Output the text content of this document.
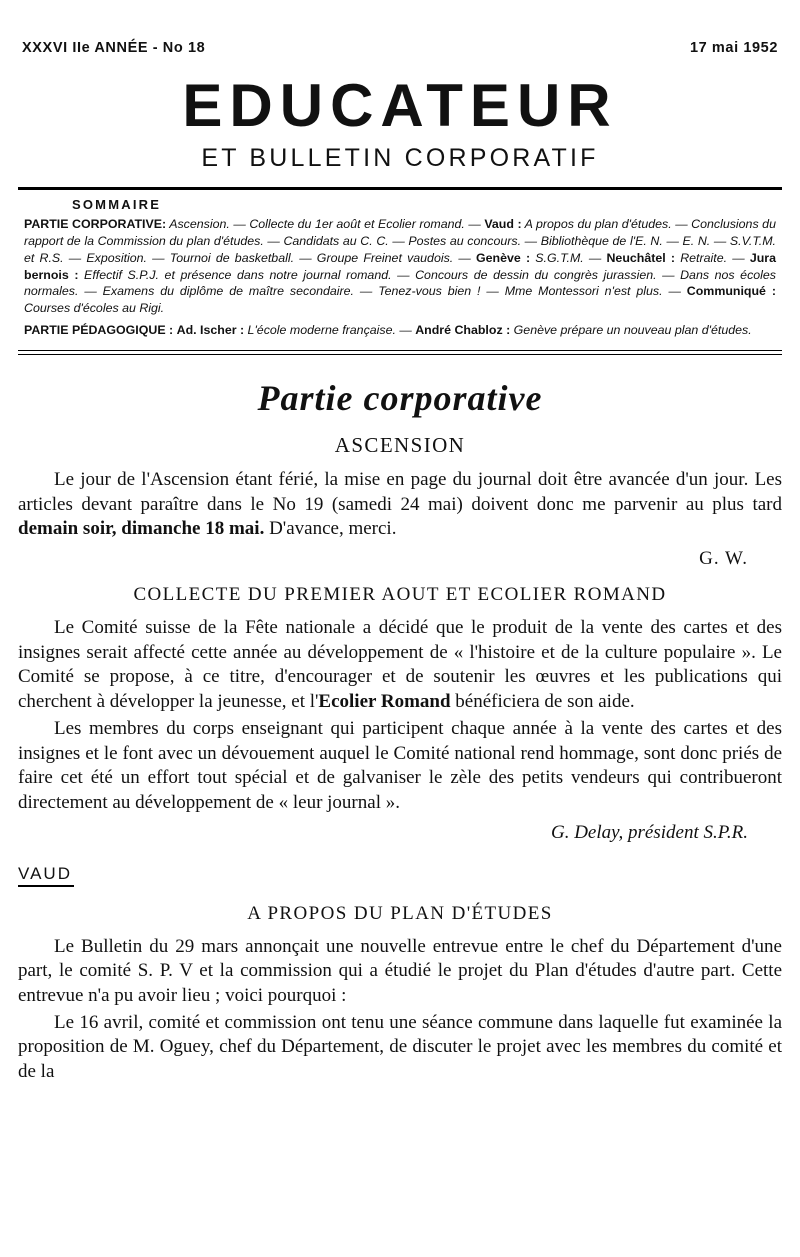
XXXVI IIe ANNÉE - No 18	17 mai 1952
EDUCATEUR
ET BULLETIN CORPORATIF
SOMMAIRE
PARTIE CORPORATIVE: Ascension. — Collecte du 1er août et Ecolier romand. — Vaud : A propos du plan d'études. — Conclusions du rapport de la Commission du plan d'études. — Candidats au C. C. — Postes au concours. — Bibliothèque de l'E. N. — E. N. — S.V.T.M. et R.S. — Exposition. — Tournoi de basketball. — Groupe Freinet vaudois. — Genève : S.G.T.M. — Neuchâtel : Retraite. — Jura bernois : Effectif S.P.J. et présence dans notre journal romand. — Concours de dessin du congrès jurassien. — Dans nos écoles normales. — Examens du diplôme de maître secondaire. — Tenez-vous bien ! — Mme Montessori n'est plus. — Communiqué : Courses d'écoles au Rigi.
PARTIE PÉDAGOGIQUE : Ad. Ischer : L'école moderne française. — André Chabloz : Genève prépare un nouveau plan d'études.
Partie corporative
ASCENSION

Le jour de l'Ascension étant férié, la mise en page du journal doit être avancée d'un jour. Les articles devant paraître dans le No 19 (samedi 24 mai) doivent donc me parvenir au plus tard demain soir, dimanche 18 mai. D'avance, merci.

G. W.
COLLECTE DU PREMIER AOUT ET ECOLIER ROMAND

Le Comité suisse de la Fête nationale a décidé que le produit de la vente des cartes et des insignes serait affecté cette année au développement de « l'histoire et de la culture populaire ». Le Comité se propose, à ce titre, d'encourager et de soutenir les œuvres et les publications qui cherchent à développer la jeunesse, et l'Ecolier Romand bénéficiera de son aide.

Les membres du corps enseignant qui participent chaque année à la vente des cartes et des insignes et le font avec un dévouement auquel le Comité national rend hommage, sont donc priés de faire cet été un effort tout spécial et de galvaniser le zèle des petits vendeurs qui contribueront directement au développement de « leur journal ».

G. Delay, président S.P.R.
VAUD
A PROPOS DU PLAN D'ÉTUDES

Le Bulletin du 29 mars annonçait une nouvelle entrevue entre le chef du Département d'une part, le comité S. P. V et la commission qui a étudié le projet du Plan d'études d'autre part. Cette entrevue n'a pu avoir lieu ; voici pourquoi :

Le 16 avril, comité et commission ont tenu une séance commune dans laquelle fut examinée la proposition de M. Oguey, chef du Département, de discuter le projet avec les membres du comité et de la
